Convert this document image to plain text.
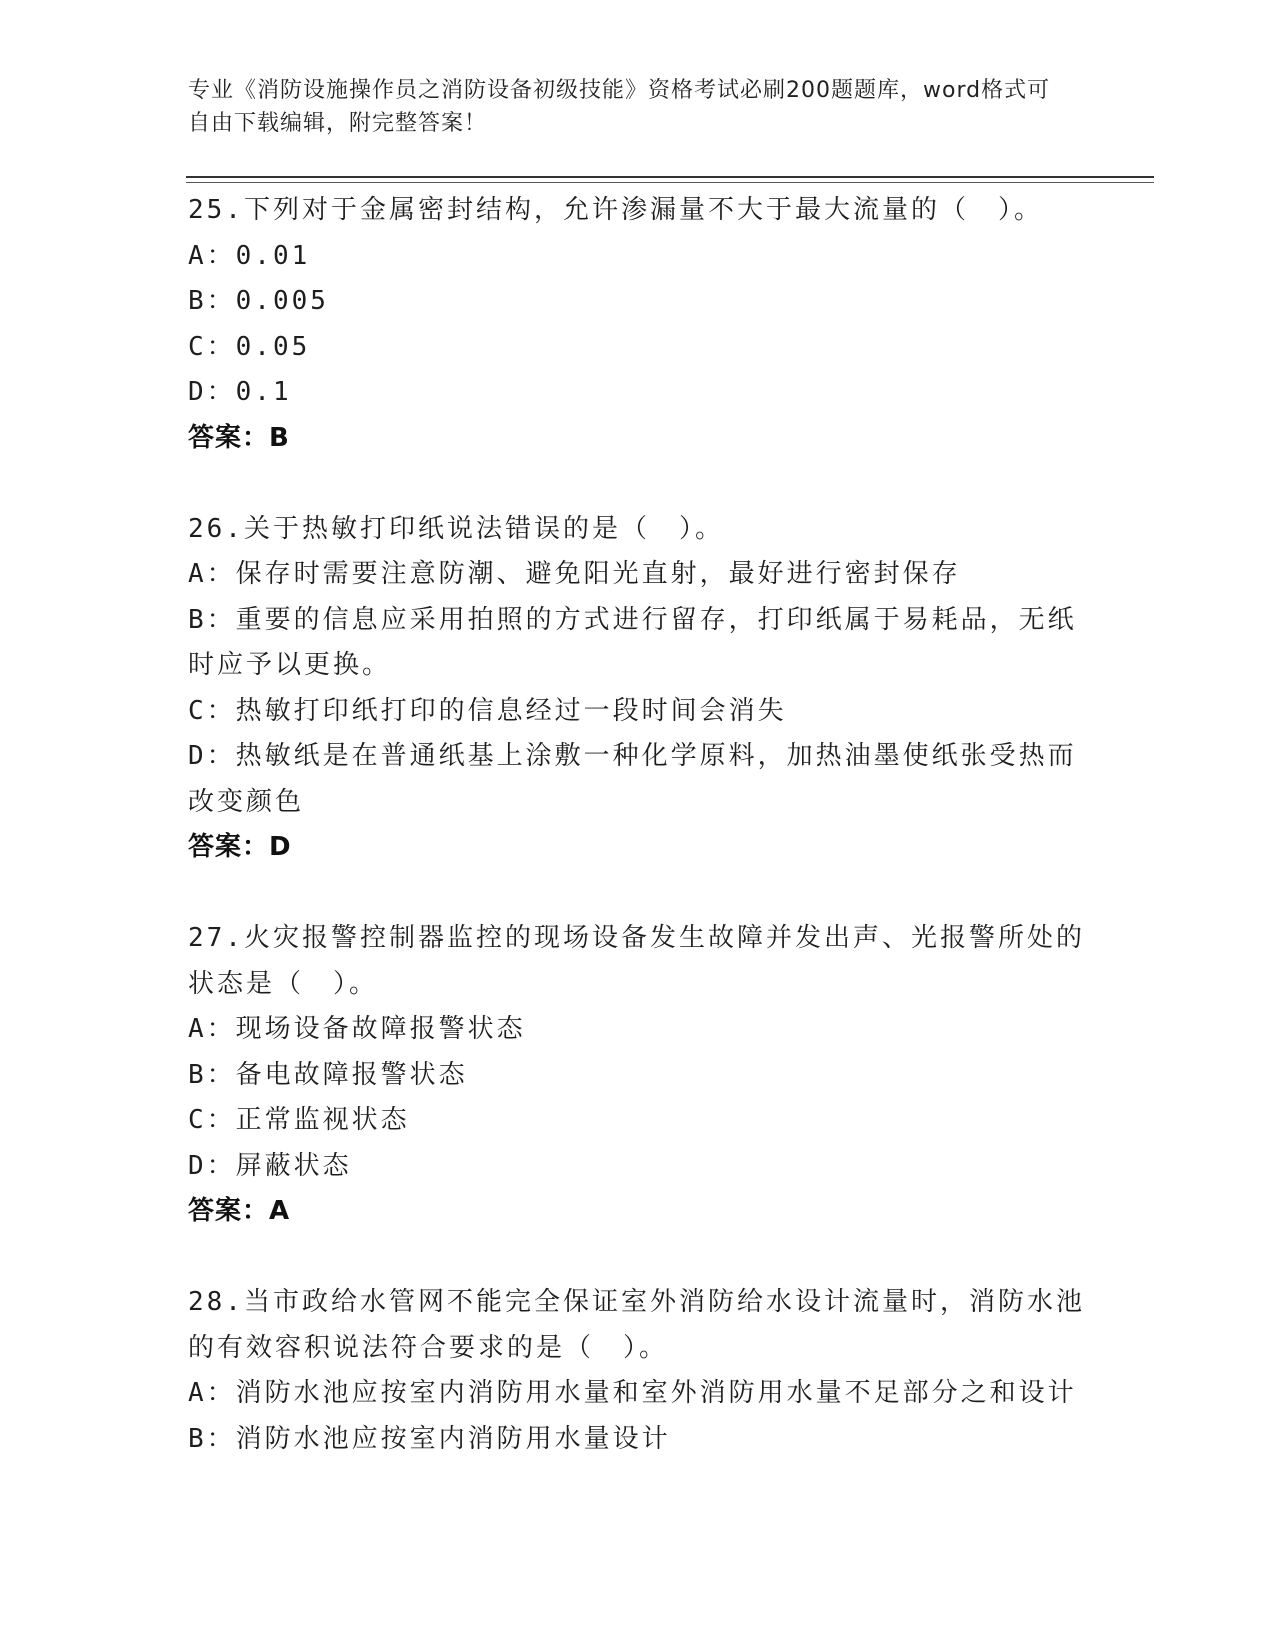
专业《消防设施操作员之消防设备初级技能》资格考试必刷200题题库，word格式可自由下载编辑，附完整答案！
25.下列对于金属密封结构，允许渗漏量不大于最大流量的（　）。
A：0.01
B：0.005
C：0.05
D：0.1
答案：B
26.关于热敏打印纸说法错误的是（　）。
A：保存时需要注意防潮、避免阳光直射，最好进行密封保存
B：重要的信息应采用拍照的方式进行留存，打印纸属于易耗品，无纸时应予以更换。
C：热敏打印纸打印的信息经过一段时间会消失
D：热敏纸是在普通纸基上涂敷一种化学原料，加热油墨使纸张受热而改变颜色
答案：D
27.火灾报警控制器监控的现场设备发生故障并发出声、光报警所处的状态是（　）。
A：现场设备故障报警状态
B：备电故障报警状态
C：正常监视状态
D：屏蔽状态
答案：A
28.当市政给水管网不能完全保证室外消防给水设计流量时，消防水池的有效容积说法符合要求的是（　）。
A：消防水池应按室内消防用水量和室外消防用水量不足部分之和设计
B：消防水池应按室内消防用水量设计
